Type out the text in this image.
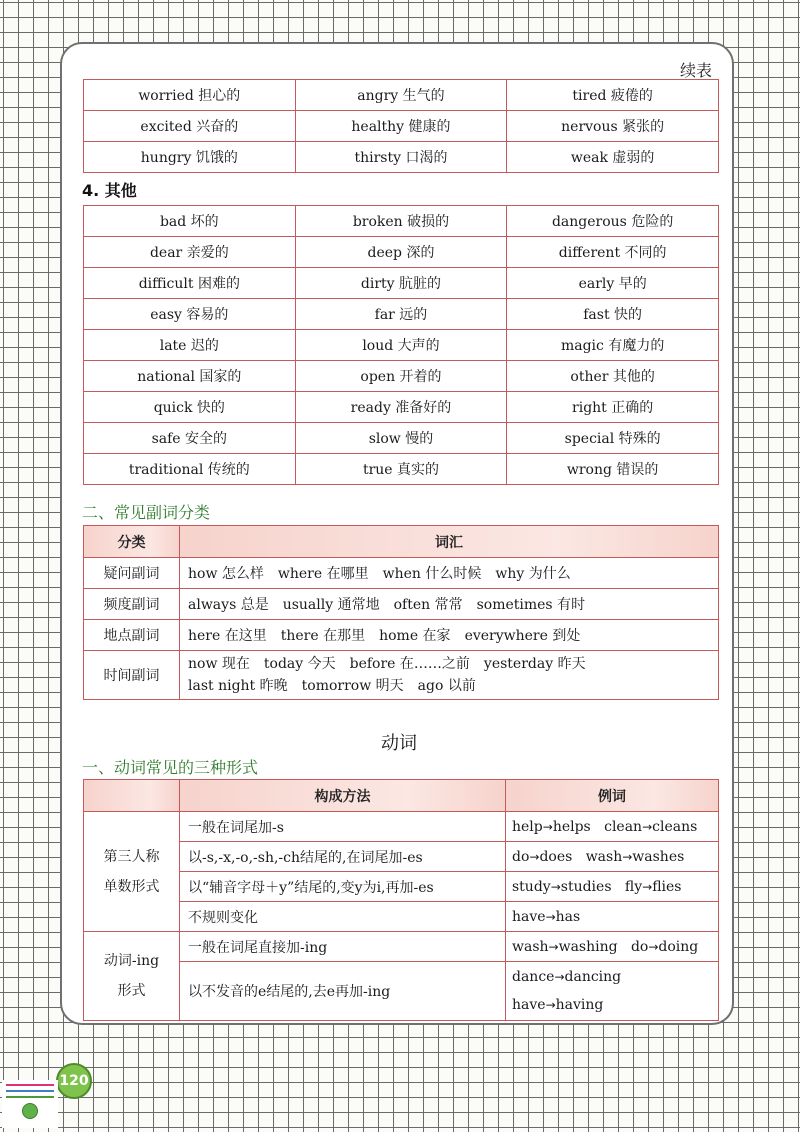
续表
worried 担心的	angry 生气的	tired 疲倦的
excited 兴奋的	healthy 健康的	nervous 紧张的
hungry 饥饿的	thirsty 口渴的	weak 虚弱的
4. 其他
bad 坏的	broken 破损的	dangerous 危险的
dear 亲爱的	deep 深的	different 不同的
difficult 困难的	dirty 肮脏的	early 早的
easy 容易的	far 远的	fast 快的
late 迟的	loud 大声的	magic 有魔力的
national 国家的	open 开着的	other 其他的
quick 快的	ready 准备好的	right 正确的
safe 安全的	slow 慢的	special 特殊的
traditional 传统的	true 真实的	wrong 错误的
二、常见副词分类
分类	词汇
疑问副词	how 怎么样 where 在哪里 when 什么时候 why 为什么
频度副词	always 总是 usually 通常地 often 常常 sometimes 有时
地点副词	here 在这里 there 在那里 home 在家 everywhere 到处
时间副词	now 现在 today 今天 before 在……之前 yesterday 昨天
last night 昨晚 tomorrow 明天 ago 以前
动词
一、动词常见的三种形式
	构成方法	例词

第三人称
单数形式	一般在词尾加-s	help→helps clean→cleans
	以-s,-x,-o,-sh,-ch结尾的,在词尾加-es	do→does wash→washes
	以“辅音字母＋y”结尾的,变y为i,再加-es	study→studies fly→flies
	不规则变化	have→has

动词-ing
形式	一般在词尾直接加-ing	wash→washing do→doing
	以不发音的e结尾的,去e再加-ing	dance→dancing
have→having
120
